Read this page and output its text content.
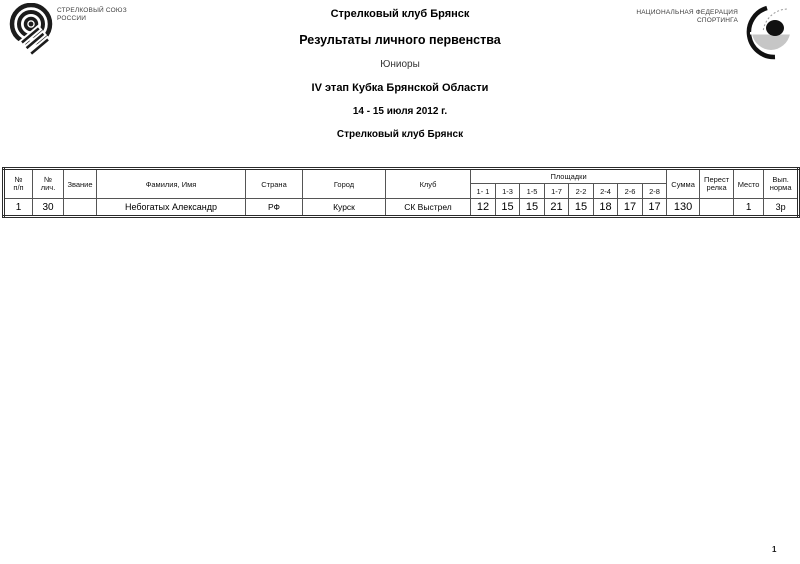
СТРЕЛКОВЫЙ СОЮЗ
РОССИИ
НАЦИОНАЛЬНАЯ ФЕДЕРАЦИЯ
СПОРТИНГА
Стрелковый клуб Брянск
Результаты личного первенства
Юниоры
IV этап Кубка Брянской Области
14 - 15 июля 2012 г.
Стрелковый клуб Брянск
№
п/п	№
лич.	Звание	Фамилия, Имя	Страна	Город	Клуб	Площадки								Сумма	Перест
релка	Место	Вып.
норма

							1- 1	1-3	1-5	1-7	2-2	2-4	2-6	2-8				
1	30		Небогатых Александр	РФ	Курск	СК Выстрел	12	15	15	21	15	18	17	17	130		1	3р
1
